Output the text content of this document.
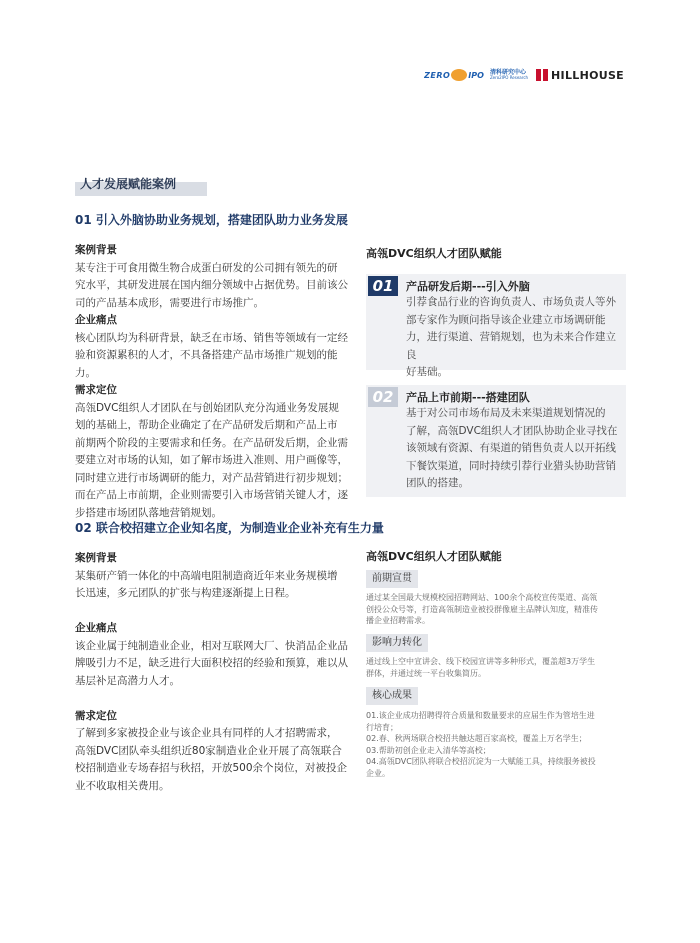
ZERO IPO 清科研究中心
Zero2IPO Research HILLHOUSE
人才发展赋能案例
01 引入外脑协助业务规划，搭建团队助力业务发展
案例背景
某专注于可食用微生物合成蛋白研发的公司拥有领先的研
究水平，其研发进展在国内细分领域中占据优势。目前该公
司的产品基本成形，需要进行市场推广。
企业痛点
核心团队均为科研背景，缺乏在市场、销售等领域有一定经
验和资源累积的人才，不具备搭建产品市场推广规划的能
力。
需求定位
高瓴DVC组织人才团队在与创始团队充分沟通业务发展规
划的基础上，帮助企业确定了在产品研发后期和产品上市
前期两个阶段的主要需求和任务。在产品研发后期，企业需
要建立对市场的认知，如了解市场进入准则、用户画像等，
同时建立进行市场调研的能力，对产品营销进行初步规划；
而在产品上市前期，企业则需要引入市场营销关键人才，逐
步搭建市场团队落地营销规划。
高瓴DVC组织人才团队赋能
01	产品研发后期---引入外脑
引荐食品行业的咨询负责人、市场负责人等外
部专家作为顾问指导该企业建立市场调研能
力，进行渠道、营销规划，也为未来合作建立良
好基础。
02	产品上市前期---搭建团队
基于对公司市场布局及未来渠道规划情况的
了解，高瓴DVC组织人才团队协助企业寻找在
该领域有资源、有渠道的销售负责人以开拓线
下餐饮渠道，同时持续引荐行业猎头协助营销
团队的搭建。
02 联合校招建立企业知名度，为制造业企业补充有生力量
案例背景
某集研产销一体化的中高端电阻制造商近年来业务规模增
长迅速，多元团队的扩张与构建逐渐提上日程。
企业痛点
该企业属于纯制造业企业，相对互联网大厂、快消品企业品
牌吸引力不足，缺乏进行大面积校招的经验和预算，难以从
基层补足高潜力人才。
需求定位
了解到多家被投企业与该企业具有同样的人才招聘需求，
高瓴DVC团队牵头组织近80家制造业企业开展了高瓴联合
校招制造业专场春招与秋招，开放500余个岗位，对被投企
业不收取相关费用。
高瓴DVC组织人才团队赋能
前期宣贯
通过某全国最大规模校园招聘网站、100余个高校宣传渠道、高瓴
创投公众号等，打造高瓴制造业被投群像雇主品牌认知度，精准传
播企业招聘需求。
影响力转化
通过线上空中宣讲会、线下校园宣讲等多种形式，覆盖超3万学生
群体，并通过统一平台收集简历。
核心成果
01.该企业成功招聘得符合质量和数量要求的应届生作为管培生进
行培育；
02.春、秋两场联合校招共触达超百家高校，覆盖上万名学生；
03.帮助初创企业走入清华等高校；
04.高瓴DVC团队将联合校招沉淀为一大赋能工具，持续服务被投
企业。
